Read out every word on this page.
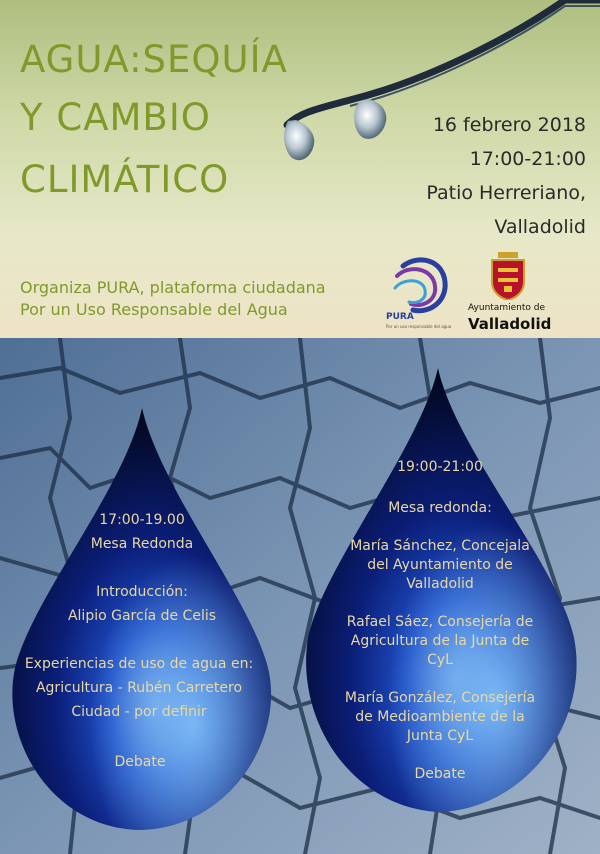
AGUA:SEQUÍA
Y CAMBIO
CLIMÁTICO
16 febrero 2018
17:00-21:00
Patio Herreriano,
Valladolid
Organiza PURA, plataforma ciudadana
Por un Uso Responsable del Agua	PURA
Por un uso responsable del agua
Ayuntamiento de
Valladolid
17:00-19.00
Mesa Redonda
Introducción:
Alipio García de Celis
Experiencias de uso de agua en:
Agricultura - Rubén Carretero
Ciudad - por definir
Debate
19:00-21:00
Mesa redonda:
María Sánchez, Concejala
del Ayuntamiento de
Valladolid
Rafael Sáez, Consejería de
Agricultura de la Junta de
CyL
María González, Consejería
de Medioambiente de la
Junta CyL
Debate
